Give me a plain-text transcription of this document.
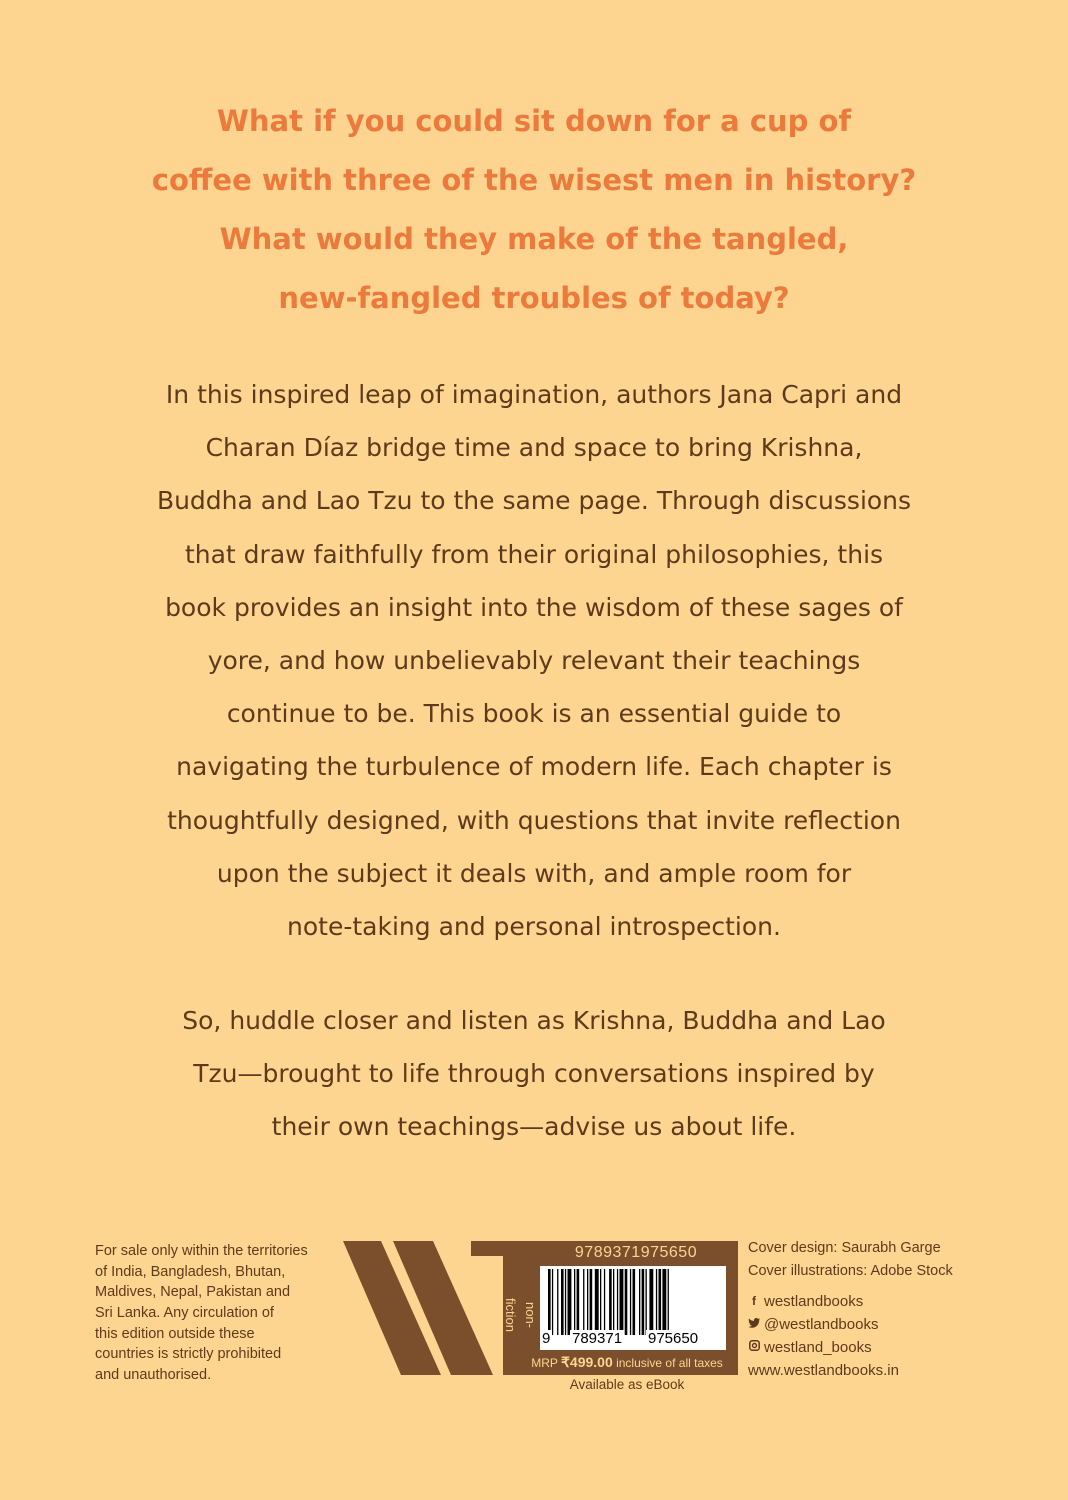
What if you could sit down for a cup of
coffee with three of the wisest men in history?
What would they make of the tangled,
new-fangled troubles of today?
In this inspired leap of imagination, authors Jana Capri and
Charan Díaz bridge time and space to bring Krishna,
Buddha and Lao Tzu to the same page. Through discussions
that draw faithfully from their original philosophies, this
book provides an insight into the wisdom of these sages of
yore, and how unbelievably relevant their teachings
continue to be. This book is an essential guide to
navigating the turbulence of modern life. Each chapter is
thoughtfully designed, with questions that invite reflection
upon the subject it deals with, and ample room for
note-taking and personal introspection.
So, huddle closer and listen as Krishna, Buddha and Lao
Tzu—brought to life through conversations inspired by
their own teachings—advise us about life.
For sale only within the territories
of India, Bangladesh, Bhutan,
Maldives, Nepal, Pakistan and
Sri Lanka. Any circulation of
this edition outside these
countries is strictly prohibited
and unauthorised.
9789371975650
non-fiction
9 789371 975650
MRP ₹499.00 inclusive of all taxes
Available as eBook
Cover design: Saurabh Garge
Cover illustrations: Adobe Stock
f westlandbooks
@westlandbooks
westland_books
www.westlandbooks.in
